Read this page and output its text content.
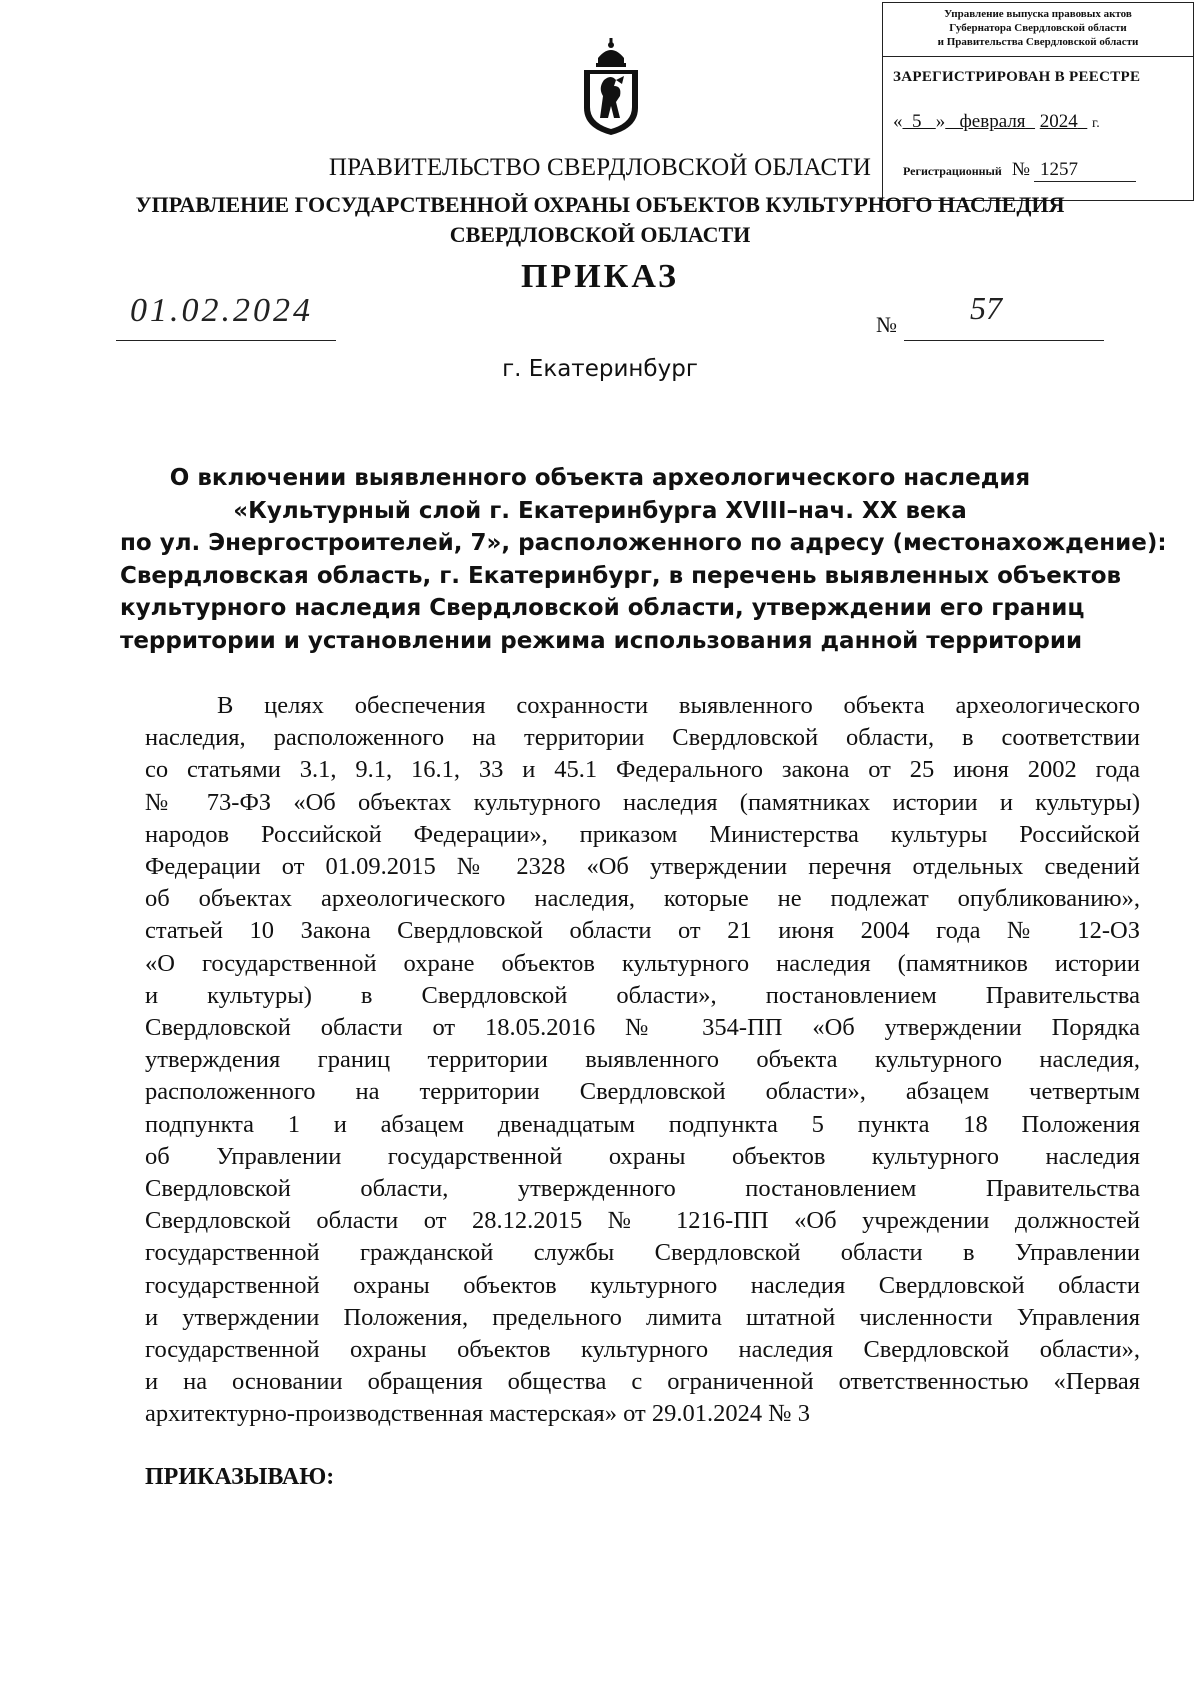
Управление выпуска правовых актов
Губернатора Свердловской области
и Правительства Свердловской области
ЗАРЕГИСТРИРОВАН В РЕЕСТРЕ
« 5 » февраля 2024 г.
Регистрационный № 1257
ПРАВИТЕЛЬСТВО СВЕРДЛОВСКОЙ ОБЛАСТИ
УПРАВЛЕНИЕ ГОСУДАРСТВЕННОЙ ОХРАНЫ ОБЪЕКТОВ КУЛЬТУРНОГО НАСЛЕДИЯ
СВЕРДЛОВСКОЙ ОБЛАСТИ
ПРИКАЗ
01.02.2024	№ 57
г. Екатеринбург
О включении выявленного объекта археологического наследия
«Культурный слой г. Екатеринбурга XVIII–нач. XX века
по ул. Энергостроителей, 7», расположенного по адресу (местонахождение):
Свердловская область, г. Екатеринбург, в перечень выявленных объектов
культурного наследия Свердловской области, утверждении его границ
территории и установлении режима использования данной территории
В целях обеспечения сохранности выявленного объекта археологического
наследия, расположенного на территории Свердловской области, в соответствии
со статьями 3.1, 9.1, 16.1, 33 и 45.1 Федерального закона от 25 июня 2002 года
№ 73-ФЗ «Об объектах культурного наследия (памятниках истории и культуры)
народов Российской Федерации», приказом Министерства культуры Российской
Федерации от 01.09.2015 № 2328 «Об утверждении перечня отдельных сведений
об объектах археологического наследия, которые не подлежат опубликованию»,
статьей 10 Закона Свердловской области от 21 июня 2004 года № 12-ОЗ
«О государственной охране объектов культурного наследия (памятников истории
и культуры) в Свердловской области», постановлением Правительства
Свердловской области от 18.05.2016 № 354-ПП «Об утверждении Порядка
утверждения границ территории выявленного объекта культурного наследия,
расположенного на территории Свердловской области», абзацем четвертым
подпункта 1 и абзацем двенадцатым подпункта 5 пункта 18 Положения
об Управлении государственной охраны объектов культурного наследия
Свердловской области, утвержденного постановлением Правительства
Свердловской области от 28.12.2015 № 1216-ПП «Об учреждении должностей
государственной гражданской службы Свердловской области в Управлении
государственной охраны объектов культурного наследия Свердловской области
и утверждении Положения, предельного лимита штатной численности Управления
государственной охраны объектов культурного наследия Свердловской области»,
и на основании обращения общества с ограниченной ответственностью «Первая
архитектурно-производственная мастерская» от 29.01.2024 № 3
ПРИКАЗЫВАЮ:
